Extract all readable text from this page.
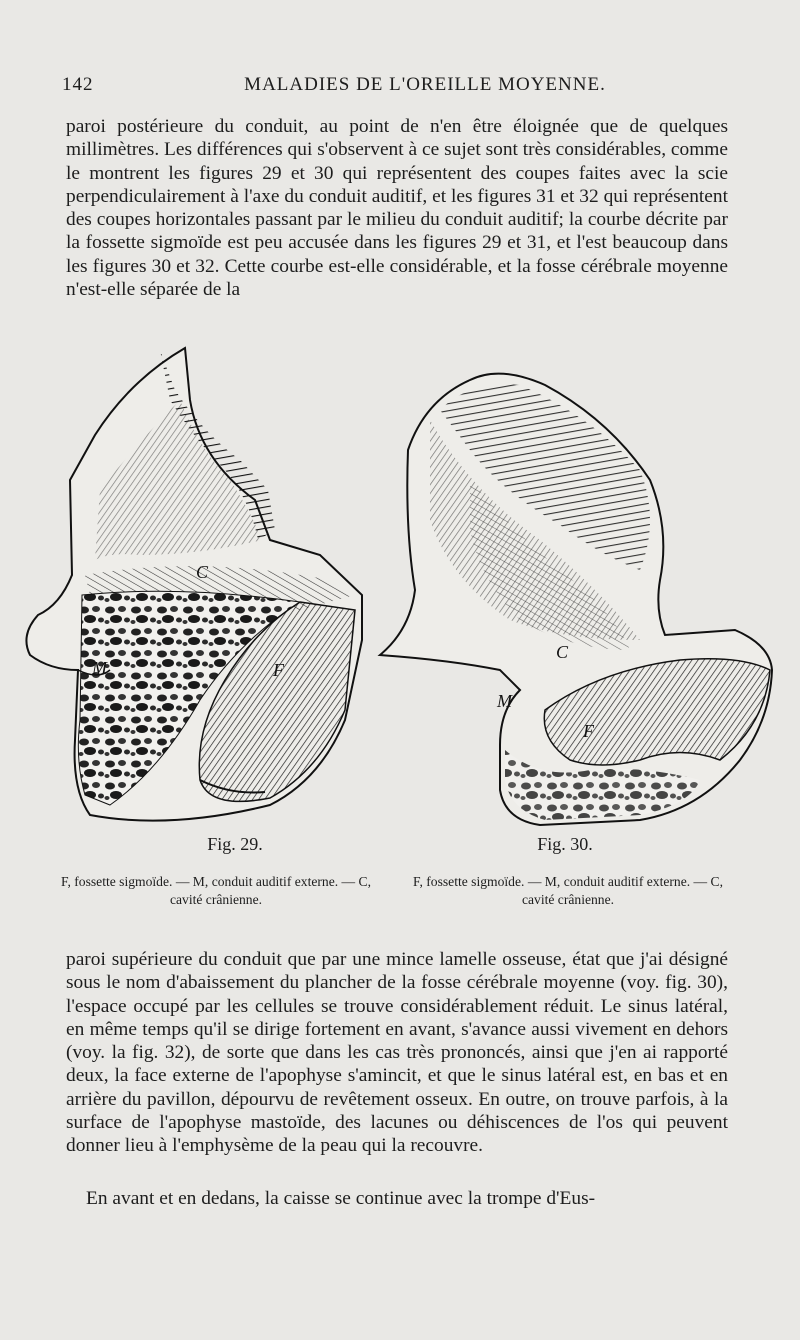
142	MALADIES DE L'OREILLE MOYENNE.
paroi postérieure du conduit, au point de n'en être éloignée que de quelques millimètres. Les différences qui s'observent à ce sujet sont très considérables, comme le montrent les figures 29 et 30 qui représentent des coupes faites avec la scie perpendiculairement à l'axe du conduit auditif, et les figures 31 et 32 qui représentent des coupes horizontales passant par le milieu du conduit auditif; la courbe décrite par la fossette sigmoïde est peu accusée dans les figures 29 et 31, et l'est beaucoup dans les figures 30 et 32. Cette courbe est-elle considérable, et la fosse cérébrale moyenne n'est-elle séparée de la
C
M	F
C
M
F
Fig. 29.	Fig. 30.
F, fossette sigmoïde. — M, conduit auditif externe. — C, cavité crânienne.
F, fossette sigmoïde. — M, conduit auditif externe. — C, cavité crânienne.
paroi supérieure du conduit que par une mince lamelle osseuse, état que j'ai désigné sous le nom d'abaissement du plancher de la fosse cérébrale moyenne (voy. fig. 30), l'espace occupé par les cellules se trouve considérablement réduit. Le sinus latéral, en même temps qu'il se dirige fortement en avant, s'avance aussi vivement en dehors (voy. la fig. 32), de sorte que dans les cas très prononcés, ainsi que j'en ai rapporté deux, la face externe de l'apophyse s'amincit, et que le sinus latéral est, en bas et en arrière du pavillon, dépourvu de revêtement osseux. En outre, on trouve parfois, à la surface de l'apophyse mastoïde, des lacunes ou déhiscences de l'os qui peuvent donner lieu à l'emphysème de la peau qui la recouvre.
En avant et en dedans, la caisse se continue avec la trompe d'Eus-
